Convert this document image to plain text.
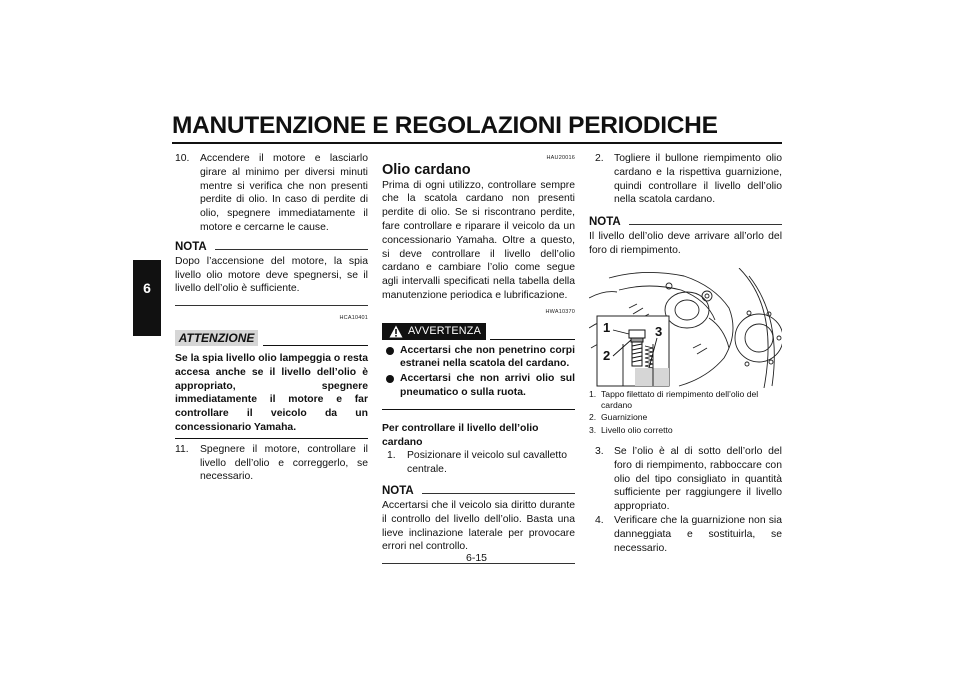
MANUTENZIONE E REGOLAZIONI PERIODICHE
6
10. Accendere il motore e lasciarlo girare al minimo per diversi minuti mentre si verifica che non presenti perdite di olio. In caso di perdite di olio, spegnere immediatamente il motore e cercarne le cause.
NOTA
Dopo l’accensione del motore, la spia livello olio motore deve spegnersi, se il livello dell’olio è sufficiente.
HCA10401
ATTENZIONE
Se la spia livello olio lampeggia o resta accesa anche se il livello dell’olio è appropriato, spegnere immediatamente il motore e far controllare il veicolo da un concessionario Yamaha.
11. Spegnere il motore, controllare il livello dell’olio e correggerlo, se necessario.
HAU20016
Olio cardano
Prima di ogni utilizzo, controllare sempre che la scatola cardano non presenti perdite di olio. Se si riscontrano perdite, fare controllare e riparare il veicolo da un concessionario Yamaha. Oltre a questo, si deve controllare il livello dell’olio cardano e cambiare l’olio come segue agli intervalli specificati nella tabella della manutenzione periodica e lubrificazione.
HWA10370
AVVERTENZA
Accertarsi che non penetrino corpi estranei nella scatola del cardano.
Accertarsi che non arrivi olio sul pneumatico o sulla ruota.
Per controllare il livello dell’olio cardano
1. Posizionare il veicolo sul cavalletto centrale.
NOTA
Accertarsi che il veicolo sia diritto durante il controllo del livello dell’olio. Basta una lieve inclinazione laterale per provocare errori nel controllo.
2. Togliere il bullone riempimento olio cardano e la rispettiva guarnizione, quindi controllare il livello dell’olio nella scatola cardano.
NOTA
Il livello dell’olio deve arrivare all’orlo del foro di riempimento.
1
2
3
1. Tappo filettato di riempimento dell’olio del cardano
2. Guarnizione
3. Livello olio corretto
3. Se l’olio è al di sotto dell’orlo del foro di riempimento, rabboccare con olio del tipo consigliato in quantità sufficiente per raggiungere il livello appropriato.
4. Verificare che la guarnizione non sia danneggiata e sostituirla, se necessario.
6-15
